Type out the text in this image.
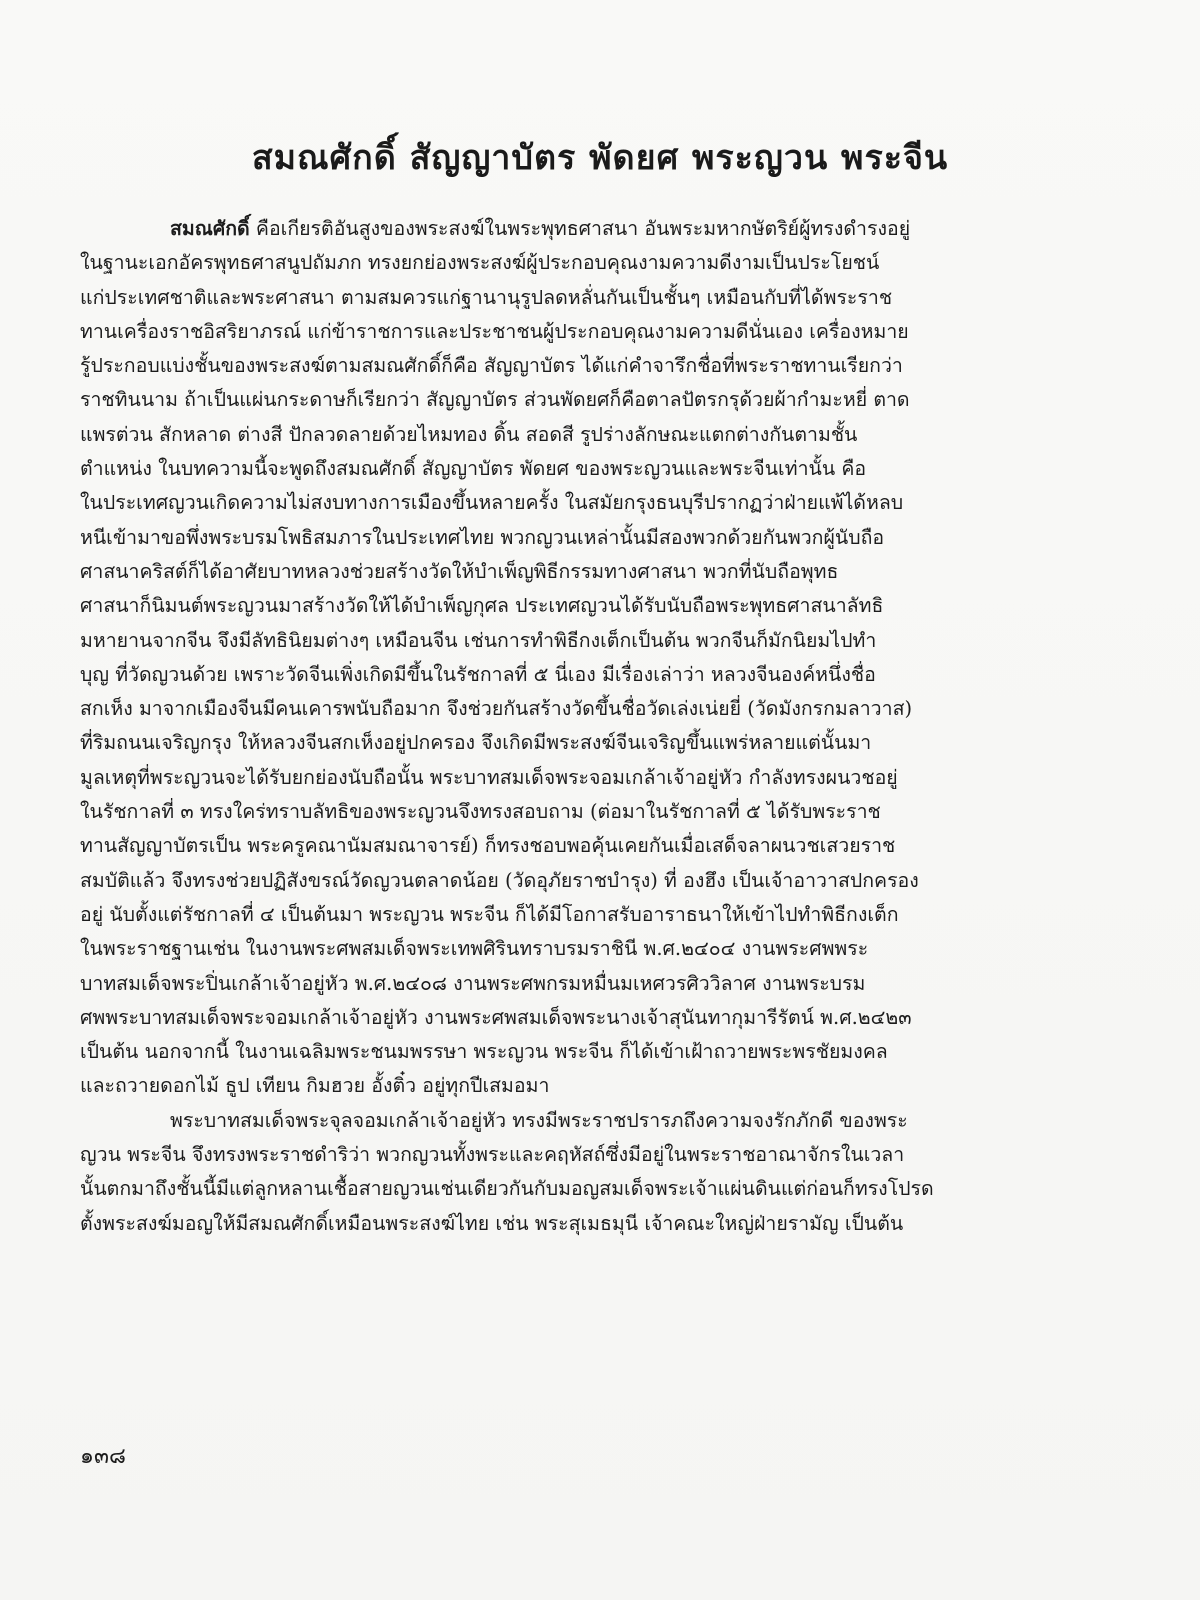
สมณศักดิ์ สัญญาบัตร พัดยศ พระญวน พระจีน
สมณศักดิ์ คือเกียรติอันสูงของพระสงฆ์ในพระพุทธศาสนา อันพระมหากษัตริย์ผู้ทรงดำรงอยู่
ในฐานะเอกอัครพุทธศาสนูปถัมภก ทรงยกย่องพระสงฆ์ผู้ประกอบคุณงามความดีงามเป็นประโยชน์
แก่ประเทศชาติและพระศาสนา ตามสมควรแก่ฐานานุรูปลดหลั่นกันเป็นชั้นๆ เหมือนกับที่ได้พระราช
ทานเครื่องราชอิสริยาภรณ์ แก่ข้าราชการและประชาชนผู้ประกอบคุณงามความดีนั่นเอง เครื่องหมาย
รู้ประกอบแบ่งชั้นของพระสงฆ์ตามสมณศักดิ์ก็คือ สัญญาบัตร ได้แก่คำจารึกชื่อที่พระราชทานเรียกว่า
ราชทินนาม ถ้าเป็นแผ่นกระดาษก็เรียกว่า สัญญาบัตร ส่วนพัดยศก็คือตาลปัตรกรุด้วยผ้ากำมะหยี่ ตาด
แพรต่วน สักหลาด ต่างสี ปักลวดลายด้วยไหมทอง ดิ้น สอดสี รูปร่างลักษณะแตกต่างกันตามชั้น
ตำแหน่ง ในบทความนี้จะพูดถึงสมณศักดิ์ สัญญาบัตร พัดยศ ของพระญวนและพระจีนเท่านั้น คือ
ในประเทศญวนเกิดความไม่สงบทางการเมืองขึ้นหลายครั้ง ในสมัยกรุงธนบุรีปรากฏว่าฝ่ายแพ้ได้หลบ
หนีเข้ามาขอพึ่งพระบรมโพธิสมภารในประเทศไทย พวกญวนเหล่านั้นมีสองพวกด้วยกันพวกผู้นับถือ
ศาสนาคริสต์ก็ได้อาศัยบาทหลวงช่วยสร้างวัดให้บำเพ็ญพิธีกรรมทางศาสนา พวกที่นับถือพุทธ
ศาสนาก็นิมนต์พระญวนมาสร้างวัดให้ได้บำเพ็ญกุศล ประเทศญวนได้รับนับถือพระพุทธศาสนาลัทธิ
มหายานจากจีน จึงมีลัทธินิยมต่างๆ เหมือนจีน เช่นการทำพิธีกงเต็กเป็นต้น พวกจีนก็มักนิยมไปทำ
บุญ ที่วัดญวนด้วย เพราะวัดจีนเพิ่งเกิดมีขึ้นในรัชกาลที่ ๕ นี่เอง มีเรื่องเล่าว่า หลวงจีนองค์หนึ่งชื่อ
สกเห็ง มาจากเมืองจีนมีคนเคารพนับถือมาก จึงช่วยกันสร้างวัดขึ้นชื่อวัดเล่งเน่ยยี่ (วัดมังกรกมลาวาส)
ที่ริมถนนเจริญกรุง ให้หลวงจีนสกเห็งอยู่ปกครอง จึงเกิดมีพระสงฆ์จีนเจริญขึ้นแพร่หลายแต่นั้นมา
มูลเหตุที่พระญวนจะได้รับยกย่องนับถือนั้น พระบาทสมเด็จพระจอมเกล้าเจ้าอยู่หัว กำลังทรงผนวชอยู่
ในรัชกาลที่ ๓ ทรงใคร่ทราบลัทธิของพระญวนจึงทรงสอบถาม (ต่อมาในรัชกาลที่ ๕ ได้รับพระราช
ทานสัญญาบัตรเป็น พระครูคณานัมสมณาจารย์) ก็ทรงชอบพอคุ้นเคยกันเมื่อเสด็จลาผนวชเสวยราช
สมบัติแล้ว จึงทรงช่วยปฏิสังขรณ์วัดญวนตลาดน้อย (วัดอุภัยราชบำรุง) ที่ องฮึง เป็นเจ้าอาวาสปกครอง
อยู่ นับตั้งแต่รัชกาลที่ ๔ เป็นต้นมา พระญวน พระจีน ก็ได้มีโอกาสรับอาราธนาให้เข้าไปทำพิธีกงเต็ก
ในพระราชฐานเช่น ในงานพระศพสมเด็จพระเทพศิรินทราบรมราชินี พ.ศ.๒๔๐๔ งานพระศพพระ
บาทสมเด็จพระปิ่นเกล้าเจ้าอยู่หัว พ.ศ.๒๔๐๘ งานพระศพกรมหมื่นมเหศวรศิววิลาศ งานพระบรม
ศพพระบาทสมเด็จพระจอมเกล้าเจ้าอยู่หัว งานพระศพสมเด็จพระนางเจ้าสุนันทากุมารีรัตน์ พ.ศ.๒๔๒๓
เป็นต้น นอกจากนี้ ในงานเฉลิมพระชนมพรรษา พระญวน พระจีน ก็ได้เข้าเฝ้าถวายพระพรชัยมงคล
และถวายดอกไม้ ธูป เทียน กิมฮวย อั้งติ๋ว อยู่ทุกปีเสมอมา
พระบาทสมเด็จพระจุลจอมเกล้าเจ้าอยู่หัว ทรงมีพระราชปรารภถึงความจงรักภักดี ของพระ
ญวน พระจีน จึงทรงพระราชดำริว่า พวกญวนทั้งพระและคฤหัสถ์ซึ่งมีอยู่ในพระราชอาณาจักรในเวลา
นั้นตกมาถึงชั้นนี้มีแต่ลูกหลานเชื้อสายญวนเช่นเดียวกันกับมอญสมเด็จพระเจ้าแผ่นดินแต่ก่อนก็ทรงโปรด
ตั้งพระสงฆ์มอญให้มีสมณศักดิ์เหมือนพระสงฆ์ไทย เช่น พระสุเมธมุนี เจ้าคณะใหญ่ฝ่ายรามัญ เป็นต้น
๑๓๘
